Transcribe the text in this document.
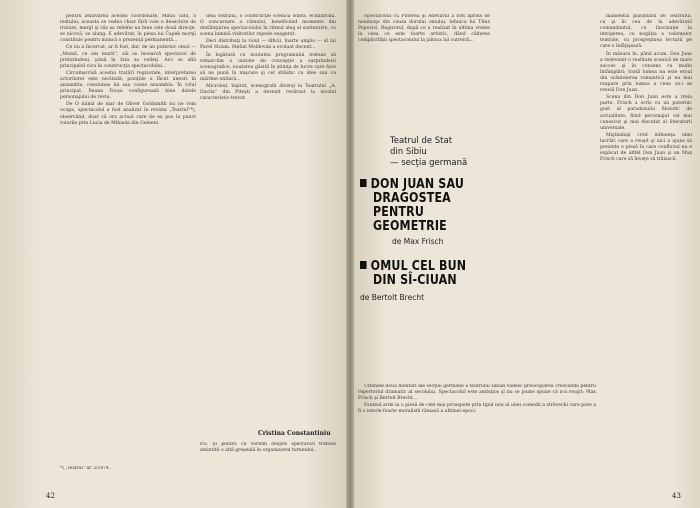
pentru zezăvarea acestei coordonate, Mihai Tatu, a textului; aceasta se vedea chiar fără voie o desechire de tratare, mergî şi văz sa reliefie nu bine cele două direcţe, se nicovă, se alung. E adevărat, în piesa lui Čapek morţii constituie pentru muncă o prezenţă permanentă...

Ce nu a încercat, ar fi fost, dar, de un puternic omul — „Mamă, ce am murit”, săi se încearcă spectacol de pretutindeni, până în fata sa vedeţi. Aici se află principalul vicu în construcţia spectacolului...

Circumscrisă acestui tratări regizorale, interpretarea actorilorei este neclindă; poziţiile a făcut uneori în ansamblu, coeziunea lui sau conse ansamblu. În rolul principal, Ileana Focşa configurează bine datele personajului de reviu.

De O inimă de mar de Oliver Goldsmith nu ne vom ocupa, spectacolul a fost analizat în revista „Teatrul”*), observând, doar că ora actual care de ea pus la punct rolurile prin Lucia de Mihaela din Gemeni.

*) „Teatrul” nr. 2/1974.

dela textului, o construcţie scenică sobră, echilibrată. O concursare a rămului, beneficiind momente din dezlănţuirea spectacolului în ritmul aleg al sunteratre, cu scena lumină vizitorilor repede exagerat.

Deci distribuţi la rolul — dificil, foarte amplu — al lui Pavel Stoian. Stefan Moldovan a evoluat decent...

În legătură cu noutatea programului trebuie să remarcăm o unitate de concepţie a surprinderii scenografice, noutatea găsită în ştiinţa de lucru care face să ne pună în mişcare şi cel stilistic ca idee sau ca mărime unitară...

Microbul, înşirat, scenografii diverşi la Teatrului „A. Davila” din Piteşti a devenit revărsat la nivelul caracteristic-trecut.

Cristina Constantiniu
P.S. Şi pentru că vorbim despre spectatori trebuie amintită o altă greşeală în organizarea turneului.
42

Spectacolul cu Puterea şi Adevărul a fost aprins de neumiaţa din cauza dorului omului, tehnica lui Titus Popovici. Regizorul, după ce a realizat în ultima vreme la ceea ce este foarte artistic, dând căderea complicităţii spectacolului la jalnica lui cutreiră...

Ultimele două montări ale secţiei germane a teatrului sibian vădesc preocuparea crescândă pentru repertoriul dramatic al secolului. Spectacolul este ambiţios şi nu se poate spune că n-a reuşit: Max Frisch şi Bertolt Brecht...

Fauteul arde la o piesă de cele mai proaspete prin tipul nou al unei comedii a străvechi care pare a fi o istorie foarte moralistă rămasă a ultimei epoci.

mamentul plăsmuirii de Teatrului, ca şi în cea de la adevărată comandantul, cu fascinaţie la intrigerea, cu bogăţia a valenţelor teatrale, cu prospeţimea lecturii pe care o înfăţişează.

În măsura în, până acum, Don Juan a redevenit o realitate scenică de mare succes şi în consens cu multe întâmplări; toată lumea nu este eroul din scânteierea romantică şi nu mai reapare prin lumea a ceea ce-i se revelă Don Juan.

Scena din Don Juan este a treia parte. Frisch a scris cu un puternic gust al paradoxului filozofic de actualitate, fiind personajul cel mai cunoscut şi mai discutat al literaturii universale.

Miştinduşi cred influenţa unei lucrări care a reuşit şi aici a ajuns să prezinte o piesă în care conflictul nu e explicat de altfel Don Juan şi un Max Frisch care să înveţe să trăiască.

43
Teatrul de Stat
din Sibiu
— secţia germană
DON JUAN SAU
DRAGOSTEA
PENTRU
GEOMETRIE
de Max Frisch
OMUL CEL BUN
DIN SÎ-CIUAN
de Bertolt Brecht
